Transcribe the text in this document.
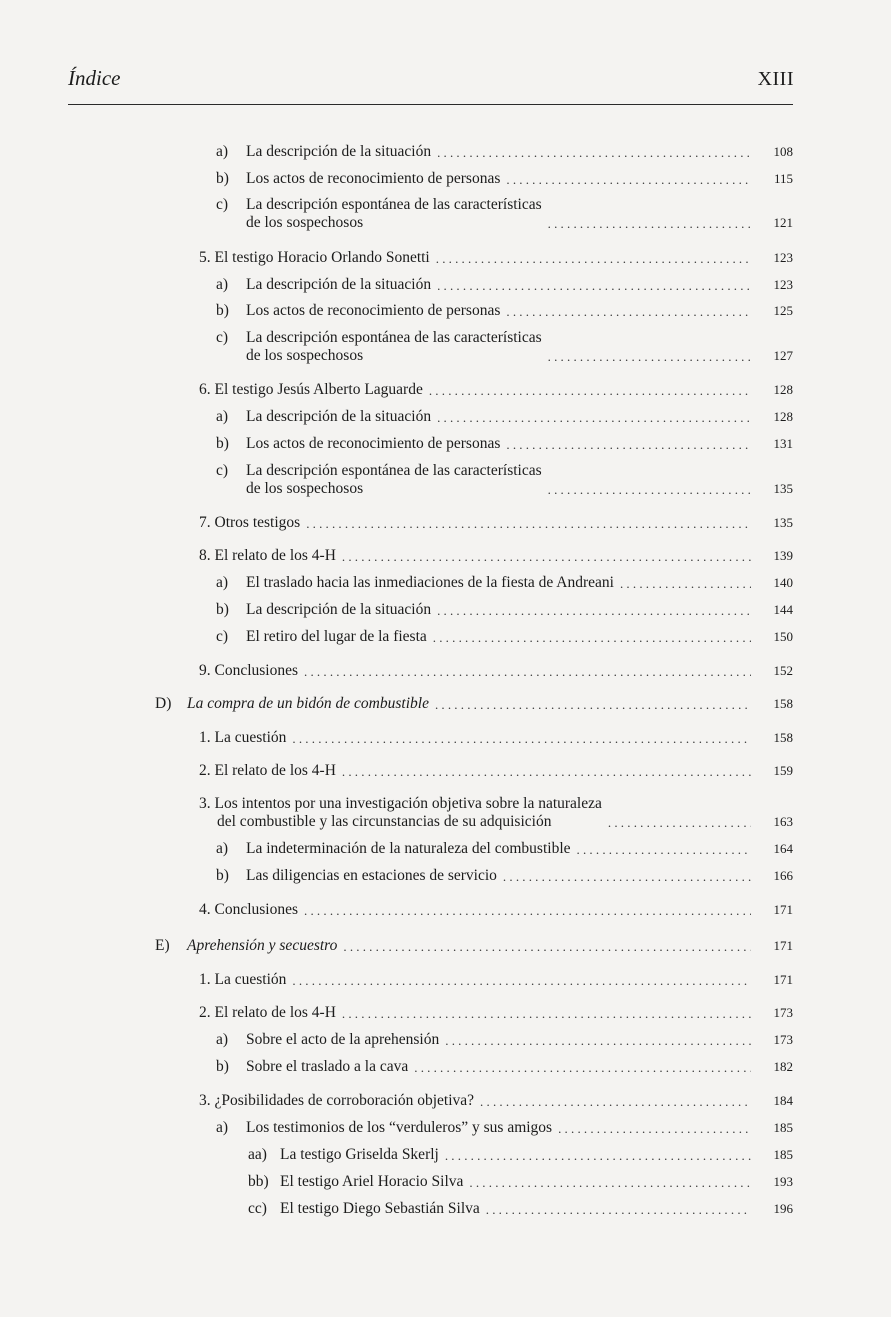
Índice	XIII
a)	La descripción de la situación .....	108
b)	Los actos de reconocimiento de personas .....	115
c)	La descripción espontánea de las características
de los sospechosos .....	121
5. El testigo Horacio Orlando Sonetti .....	123
a)	La descripción de la situación .....	123
b)	Los actos de reconocimiento de personas .....	125
c)	La descripción espontánea de las características
de los sospechosos .....	127
6. El testigo Jesús Alberto Laguarde .....	128
a)	La descripción de la situación .....	128
b)	Los actos de reconocimiento de personas .....	131
c)	La descripción espontánea de las características
de los sospechosos .....	135
7. Otros testigos .....	135
8. El relato de los 4-H .....	139
a)	El traslado hacia las inmediaciones de la fiesta de Andreani .....	140
b)	La descripción de la situación .....	144
c)	El retiro del lugar de la fiesta .....	150
9. Conclusiones .....	152
D)	La compra de un bidón de combustible .....	158
1. La cuestión .....	158
2. El relato de los 4-H .....	159
3. Los intentos por una investigación objetiva sobre la naturaleza
del combustible y las circunstancias de su adquisición .....	163
a)	La indeterminación de la naturaleza del combustible .....	164
b)	Las diligencias en estaciones de servicio .....	166
4. Conclusiones .....	171
E)	Aprehensión y secuestro .....	171
1. La cuestión .....	171
2. El relato de los 4-H .....	173
a)	Sobre el acto de la aprehensión .....	173
b)	Sobre el traslado a la cava .....	182
3. ¿Posibilidades de corroboración objetiva? .....	184
a)	Los testimonios de los “verduleros” y sus amigos .....	185
aa) La testigo Griselda Skerlj .....	185
bb) El testigo Ariel Horacio Silva .....	193
cc) El testigo Diego Sebastián Silva .....	196
